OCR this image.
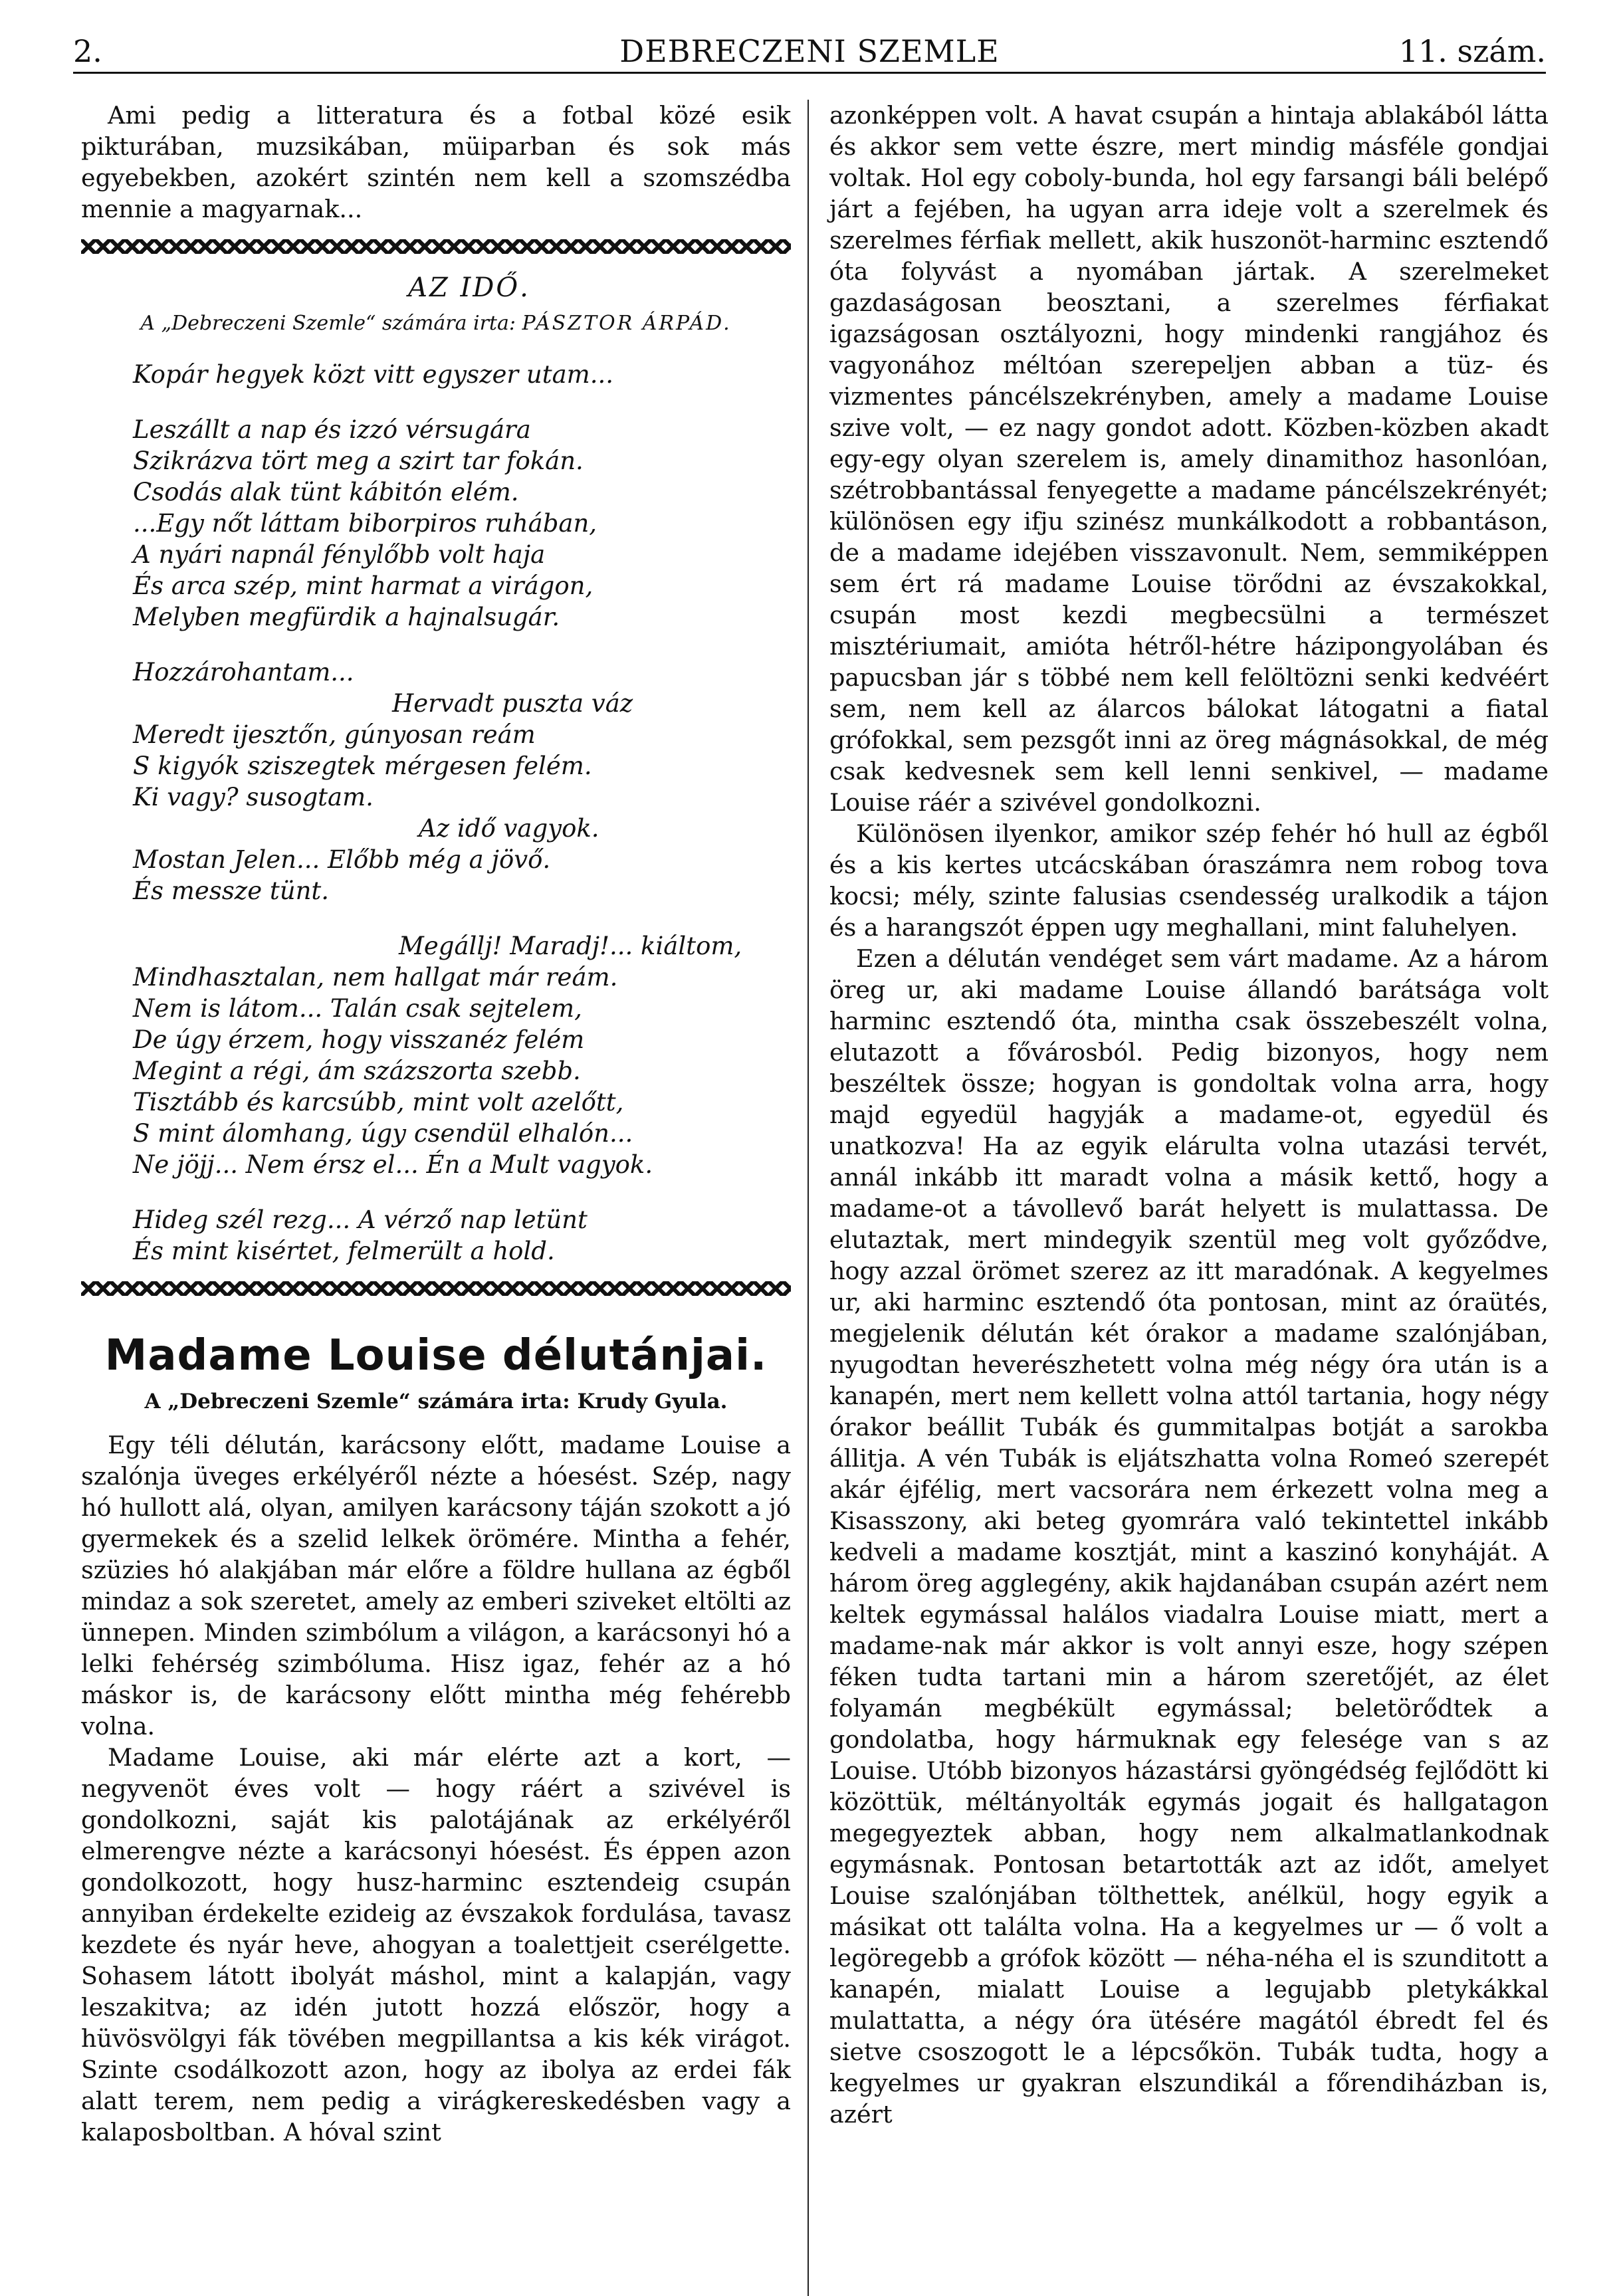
2.	DEBRECZENI SZEMLE	11. szám.

Ami pedig a litteratura és a fotbal közé esik pikturában, muzsikában, müiparban és sok más egyebekben, azokért szintén nem kell a szomszédba mennie a magyarnak...

AZ IDŐ.
A „Debreczeni Szemle“ számára irta: PÁSZTOR ÁRPÁD.
Kopár hegyek közt vitt egyszer utam...
Leszállt a nap és izzó vérsugára
Szikrázva tört meg a szirt tar fokán.
Csodás alak tünt kábitón elém.
...Egy nőt láttam biborpiros ruhában,
A nyári napnál fénylőbb volt haja
És arca szép, mint harmat a virágon,
Melyben megfürdik a hajnalsugár.
Hozzárohantam...
Hervadt puszta váz
Meredt ijesztőn, gúnyosan reám
S kigyók sziszegtek mérgesen felém.
Ki vagy? susogtam.
Az idő vagyok.
Mostan Jelen... Előbb még a jövő.
És messze tünt.
Megállj! Maradj!... kiáltom,
Mindhasztalan, nem hallgat már reám.
Nem is látom... Talán csak sejtelem,
De úgy érzem, hogy visszanéz felém
Megint a régi, ám százszorta szebb.
Tisztább és karcsúbb, mint volt azelőtt,
S mint álomhang, úgy csendül elhalón...
Ne jöjj... Nem érsz el... Én a Mult vagyok.
Hideg szél rezg... A vérző nap letünt
És mint kisértet, felmerült a hold.
Madame Louise délutánjai.
A „Debreczeni Szemle“ számára irta: Krudy Gyula.

Egy téli délután, karácsony előtt, madame Louise a szalónja üveges erkélyéről nézte a hóesést. Szép, nagy hó hullott alá, olyan, amilyen karácsony táján szokott a jó gyermekek és a szelid lelkek örömére. Mintha a fehér, szüzies hó alakjában már előre a földre hullana az égből mindaz a sok szeretet, amely az emberi sziveket eltölti az ünnepen. Minden szimbólum a világon, a karácsonyi hó a lelki fehérség szimbóluma. Hisz igaz, fehér az a hó máskor is, de karácsony előtt mintha még fehérebb volna.

Madame Louise, aki már elérte azt a kort, — negyvenöt éves volt — hogy ráért a szivével is gondolkozni, saját kis palotájának az erkélyéről elmerengve nézte a karácsonyi hóesést. És éppen azon gondolkozott, hogy husz-harminc esztendeig csupán annyiban érdekelte ezideig az évszakok fordulása, tavasz kezdete és nyár heve, ahogyan a toalettjeit cserélgette. Sohasem látott ibolyát máshol, mint a kalapján, vagy leszakitva; az idén jutott hozzá először, hogy a hüvösvölgyi fák tövében megpillantsa a kis kék virágot. Szinte csodálkozott azon, hogy az ibolya az erdei fák alatt terem, nem pedig a virágkereskedésben vagy a kalaposboltban. A hóval szint

azonképpen volt. A havat csupán a hintaja ablakából látta és akkor sem vette észre, mert mindig másféle gondjai voltak. Hol egy coboly-bunda, hol egy farsangi báli belépő járt a fejében, ha ugyan arra ideje volt a szerelmek és szerelmes férfiak mellett, akik huszonöt-harminc esztendő óta folyvást a nyomában jártak. A szerelmeket gazdaságosan beosztani, a szerelmes férfiakat igazságosan osztályozni, hogy mindenki rangjához és vagyonához méltóan szerepeljen abban a tüz- és vizmentes páncélszekrényben, amely a madame Louise szive volt, — ez nagy gondot adott. Közben-közben akadt egy-egy olyan szerelem is, amely dinamithoz hasonlóan, szétrobbantással fenyegette a madame páncélszekrényét; különösen egy ifju szinész munkálkodott a robbantáson, de a madame idejében visszavonult. Nem, semmiképpen sem ért rá madame Louise törődni az évszakokkal, csupán most kezdi megbecsülni a természet misztériumait, amióta hétről-hétre házipongyolában és papucsban jár s többé nem kell felöltözni senki kedvéért sem, nem kell az álarcos bálokat látogatni a fiatal grófokkal, sem pezsgőt inni az öreg mágnásokkal, de még csak kedvesnek sem kell lenni senkivel, — madame Louise ráér a szivével gondolkozni.

Különösen ilyenkor, amikor szép fehér hó hull az égből és a kis kertes utcácskában óraszámra nem robog tova kocsi; mély, szinte falusias csendesség uralkodik a tájon és a harangszót éppen ugy meghallani, mint faluhelyen.

Ezen a délután vendéget sem várt madame. Az a három öreg ur, aki madame Louise állandó barátsága volt harminc esztendő óta, mintha csak összebeszélt volna, elutazott a fővárosból. Pedig bizonyos, hogy nem beszéltek össze; hogyan is gondoltak volna arra, hogy majd egyedül hagyják a madame-ot, egyedül és unatkozva! Ha az egyik elárulta volna utazási tervét, annál inkább itt maradt volna a másik kettő, hogy a madame-ot a távollevő barát helyett is mulattassa. De elutaztak, mert mindegyik szentül meg volt győződve, hogy azzal örömet szerez az itt maradónak. A kegyelmes ur, aki harminc esztendő óta pontosan, mint az óraütés, megjelenik délután két órakor a madame szalónjában, nyugodtan heverészhetett volna még négy óra után is a kanapén, mert nem kellett volna attól tartania, hogy négy órakor beállit Tubák és gummitalpas botját a sarokba állitja. A vén Tubák is eljátszhatta volna Romeó szerepét akár éjfélig, mert vacsorára nem érkezett volna meg a Kisasszony, aki beteg gyomrára való tekintettel inkább kedveli a madame kosztját, mint a kaszinó konyháját. A három öreg agglegény, akik hajdanában csupán azért nem keltek egymással halálos viadalra Louise miatt, mert a madame-nak már akkor is volt annyi esze, hogy szépen féken tudta tartani min a három szeretőjét, az élet folyamán megbékült egymással; beletörődtek a gondolatba, hogy hármuknak egy felesége van s az Louise. Utóbb bizonyos házastársi gyöngédség fejlődött ki közöttük, méltányolták egymás jogait és hallgatagon megegyeztek abban, hogy nem alkalmatlankodnak egymásnak. Pontosan betartották azt az időt, amelyet Louise szalónjában tölthettek, anélkül, hogy egyik a másikat ott találta volna. Ha a kegyelmes ur — ő volt a legöregebb a grófok között — néha-néha el is szunditott a kanapén, mialatt Louise a legujabb pletykákkal mulattatta, a négy óra ütésére magától ébredt fel és sietve csoszogott le a lépcsőkön. Tubák tudta, hogy a kegyelmes ur gyakran elszundikál a főrendiházban is, azért
